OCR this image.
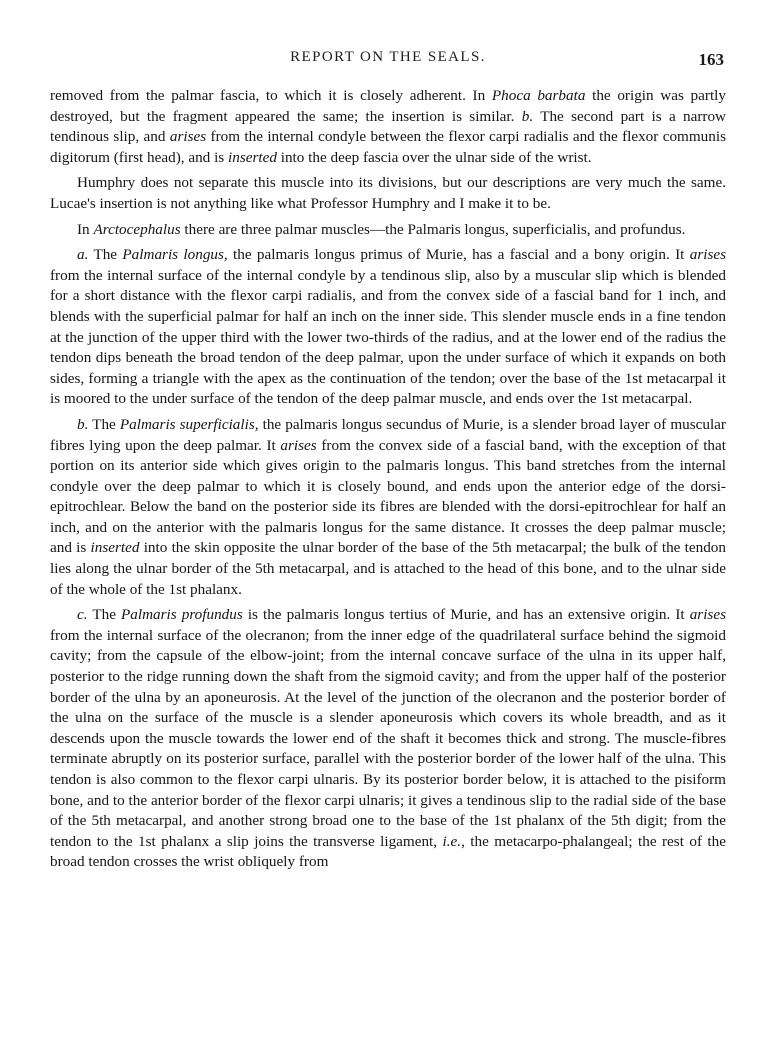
REPORT ON THE SEALS.	163

removed from the palmar fascia, to which it is closely adherent. In Phoca barbata the origin was partly destroyed, but the fragment appeared the same; the insertion is similar. b. The second part is a narrow tendinous slip, and arises from the internal condyle between the flexor carpi radialis and the flexor communis digitorum (first head), and is inserted into the deep fascia over the ulnar side of the wrist.

Humphry does not separate this muscle into its divisions, but our descriptions are very much the same. Lucae's insertion is not anything like what Professor Humphry and I make it to be.

In Arctocephalus there are three palmar muscles—the Palmaris longus, superficialis, and profundus.

a. The Palmaris longus, the palmaris longus primus of Murie, has a fascial and a bony origin. It arises from the internal surface of the internal condyle by a tendinous slip, also by a muscular slip which is blended for a short distance with the flexor carpi radialis, and from the convex side of a fascial band for 1 inch, and blends with the superficial palmar for half an inch on the inner side. This slender muscle ends in a fine tendon at the junction of the upper third with the lower two-thirds of the radius, and at the lower end of the radius the tendon dips beneath the broad tendon of the deep palmar, upon the under surface of which it expands on both sides, forming a triangle with the apex as the continuation of the tendon; over the base of the 1st metacarpal it is moored to the under surface of the tendon of the deep palmar muscle, and ends over the 1st metacarpal.

b. The Palmaris superficialis, the palmaris longus secundus of Murie, is a slender broad layer of muscular fibres lying upon the deep palmar. It arises from the convex side of a fascial band, with the exception of that portion on its anterior side which gives origin to the palmaris longus. This band stretches from the internal condyle over the deep palmar to which it is closely bound, and ends upon the anterior edge of the dorsi-epitrochlear. Below the band on the posterior side its fibres are blended with the dorsi-epitrochlear for half an inch, and on the anterior with the palmaris longus for the same distance. It crosses the deep palmar muscle; and is inserted into the skin opposite the ulnar border of the base of the 5th metacarpal; the bulk of the tendon lies along the ulnar border of the 5th metacarpal, and is attached to the head of this bone, and to the ulnar side of the whole of the 1st phalanx.

c. The Palmaris profundus is the palmaris longus tertius of Murie, and has an extensive origin. It arises from the internal surface of the olecranon; from the inner edge of the quadrilateral surface behind the sigmoid cavity; from the capsule of the elbow-joint; from the internal concave surface of the ulna in its upper half, posterior to the ridge running down the shaft from the sigmoid cavity; and from the upper half of the posterior border of the ulna by an aponeurosis. At the level of the junction of the olecranon and the posterior border of the ulna on the surface of the muscle is a slender aponeurosis which covers its whole breadth, and as it descends upon the muscle towards the lower end of the shaft it becomes thick and strong. The muscle-fibres terminate abruptly on its posterior surface, parallel with the posterior border of the lower half of the ulna. This tendon is also common to the flexor carpi ulnaris. By its posterior border below, it is attached to the pisiform bone, and to the anterior border of the flexor carpi ulnaris; it gives a tendinous slip to the radial side of the base of the 5th metacarpal, and another strong broad one to the base of the 1st phalanx of the 5th digit; from the tendon to the 1st phalanx a slip joins the transverse ligament, i.e., the metacarpo-phalangeal; the rest of the broad tendon crosses the wrist obliquely from
